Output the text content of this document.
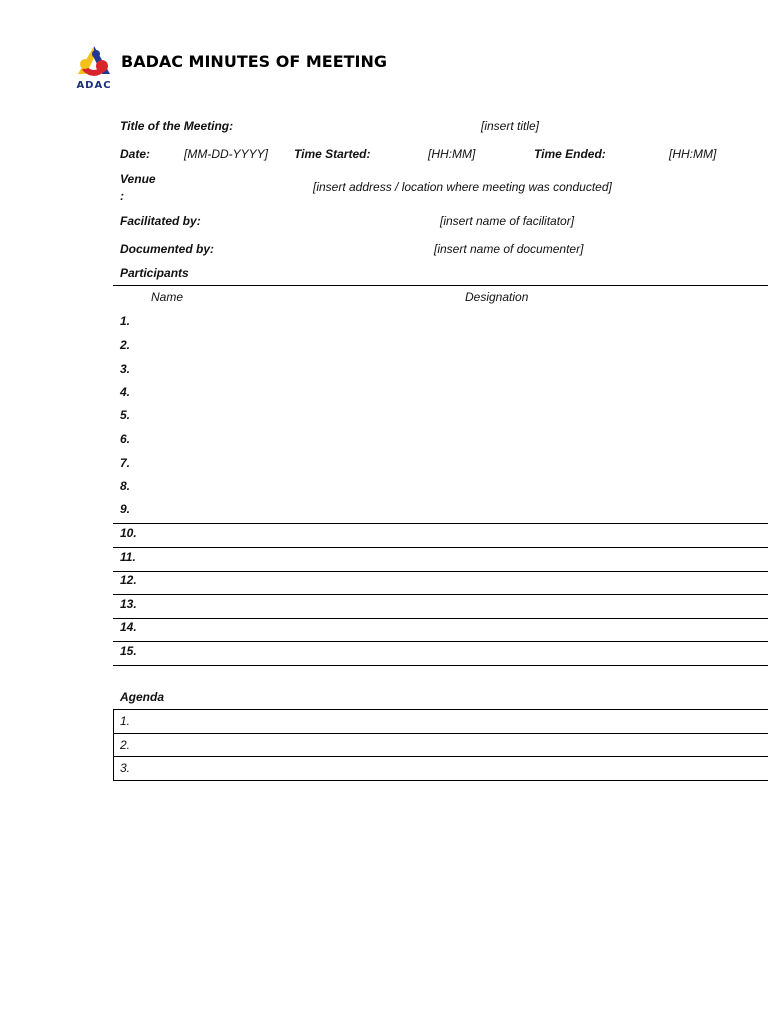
ADAC
BADAC MINUTES OF MEETING
Title of the Meeting:	[insert title]
Date:	[MM-DD-YYYY] Time Started:	[HH:MM]	Time Ended:	[HH:MM]
Venue
:
[insert address / location where meeting was conducted]
Facilitated by:	[insert name of facilitator]
Documented by:	[insert name of documenter]
Participants
Name	Designation
1.
2.
3.
4.
5.
6.
7.
8.
9.
10.
11.
12.
13.
14.
15.
Agenda
1.
2.
3.
